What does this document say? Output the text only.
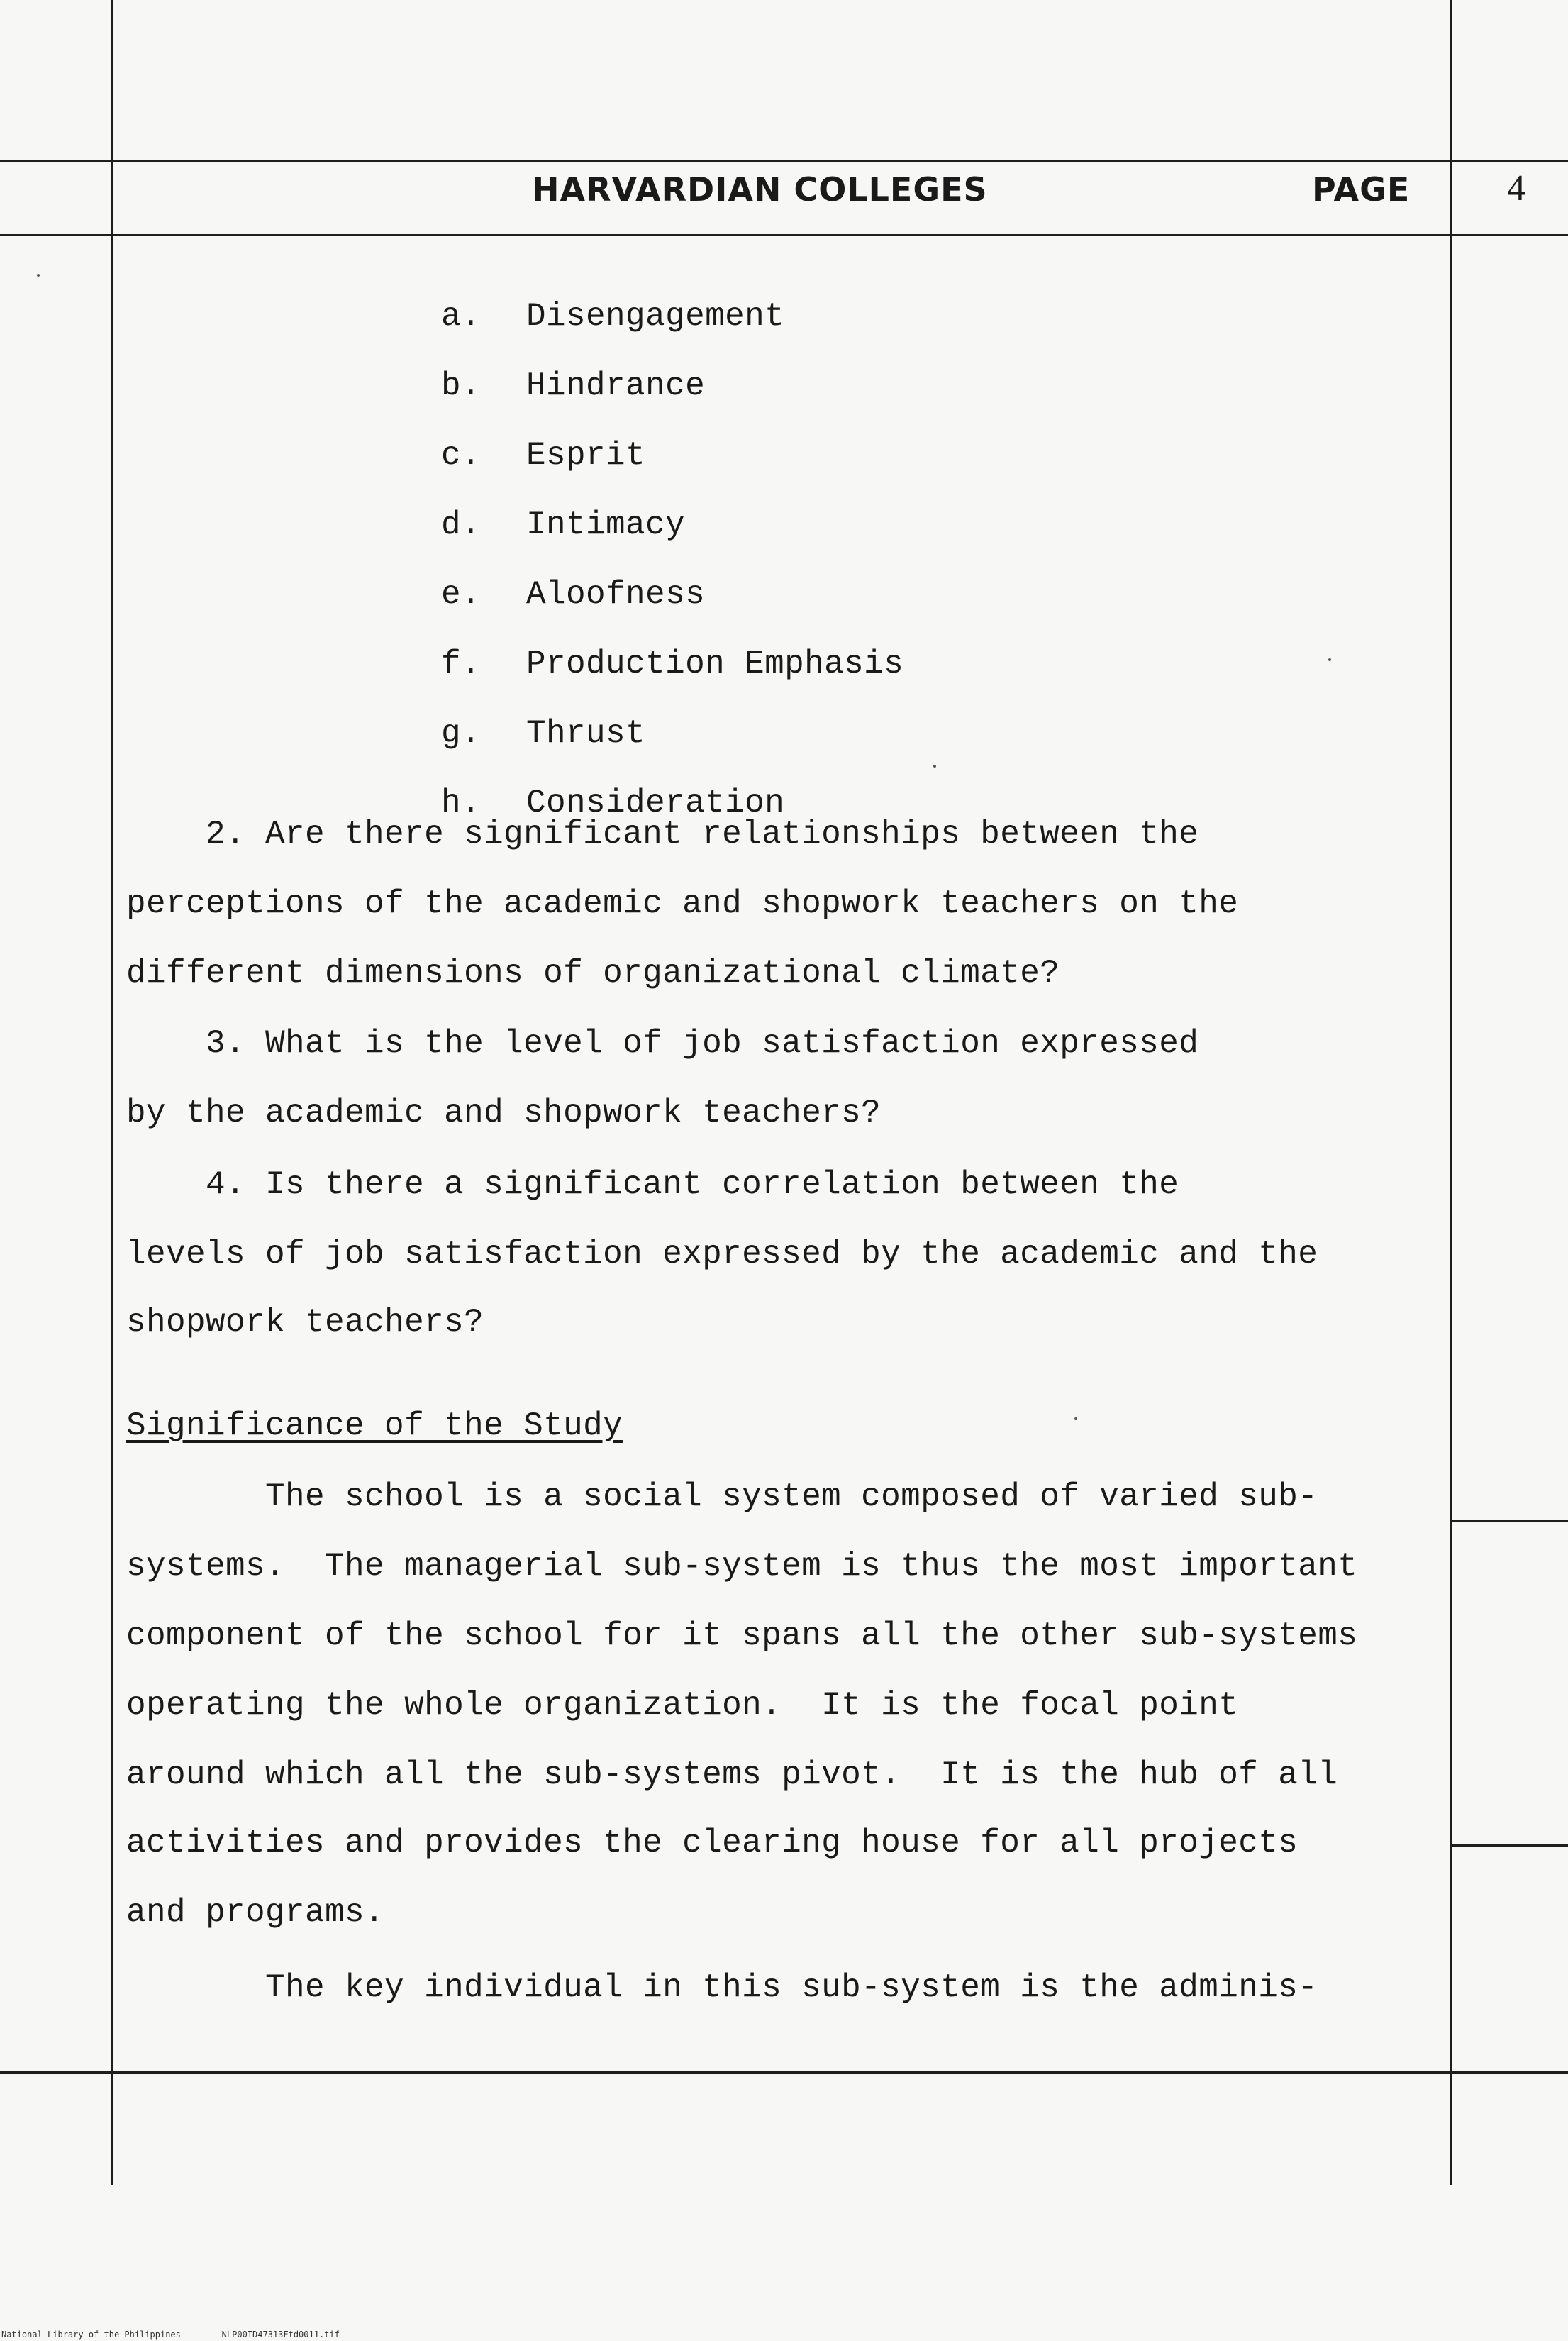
HARVARDIAN COLLEGES	PAGE	4

a. Disengagement

b. Hindrance

c. Esprit

d. Intimacy

e. Aloofness

f. Production Emphasis

g. Thrust

h. Consideration

2. Are there significant relationships between the
perceptions of the academic and shopwork teachers on the
different dimensions of organizational climate?
3. What is the level of job satisfaction expressed
by the academic and shopwork teachers?
4. Is there a significant correlation between the
levels of job satisfaction expressed by the academic and the
shopwork teachers?
Significance of the Study
The school is a social system composed of varied sub-
systems.  The managerial sub-system is thus the most important
component of the school for it spans all the other sub-systems
operating the whole organization.  It is the focal point
around which all the sub-systems pivot.  It is the hub of all
activities and provides the clearing house for all projects
and programs.
The key individual in this sub-system is the adminis-
National Library of the Philippines	NLP00TD47313Ftd0011.tif
